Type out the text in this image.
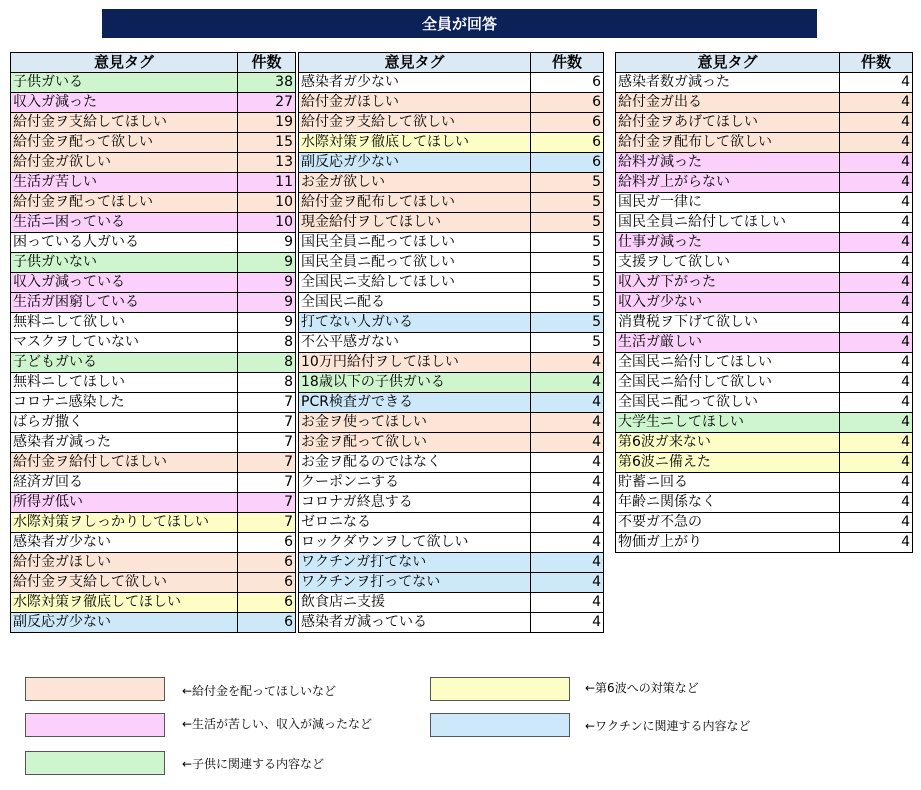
全員が回答
意見タグ	件数
子供ガいる	38
収入ガ減った	27
給付金ヲ支給してほしい	19
給付金ヲ配って欲しい	15
給付金ガ欲しい	13
生活ガ苦しい	11
給付金ヲ配ってほしい	10
生活ニ困っている	10
困っている人ガいる	9
子供ガいない	9
収入ガ減っている	9
生活ガ困窮している	9
無料ニして欲しい	9
マスクヲしていない	8
子どもガいる	8
無料ニしてほしい	8
コロナニ感染した	7
ばらガ撒く	7
感染者ガ減った	7
給付金ヲ給付してほしい	7
経済ガ回る	7
所得ガ低い	7
水際対策ヲしっかりしてほしい	7
感染者ガ少ない	6
給付金ガほしい	6
給付金ヲ支給して欲しい	6
水際対策ヲ徹底してほしい	6
副反応ガ少ない	6
意見タグ	件数
感染者ガ少ない	6
給付金ガほしい	6
給付金ヲ支給して欲しい	6
水際対策ヲ徹底してほしい	6
副反応ガ少ない	6
お金ガ欲しい	5
給付金ヲ配布してほしい	5
現金給付ヲしてほしい	5
国民全員ニ配ってほしい	5
国民全員ニ配って欲しい	5
全国民ニ支給してほしい	5
全国民ニ配る	5
打てない人ガいる	5
不公平感ガない	5
10万円給付ヲしてほしい	4
18歳以下の子供ガいる	4
PCR検査ガできる	4
お金ヲ使ってほしい	4
お金ヲ配って欲しい	4
お金ヲ配るのではなく	4
クーポンニする	4
コロナガ終息する	4
ゼロニなる	4
ロックダウンヲして欲しい	4
ワクチンガ打てない	4
ワクチンヲ打ってない	4
飲食店ニ支援	4
感染者ガ減っている	4
意見タグ	件数
感染者数ガ減った	4
給付金ガ出る	4
給付金ヲあげてほしい	4
給付金ヲ配布して欲しい	4
給料ガ減った	4
給料ガ上がらない	4
国民ガ一律に	4
国民全員ニ給付してほしい	4
仕事ガ減った	4
支援ヲして欲しい	4
収入ガ下がった	4
収入ガ少ない	4
消費税ヲ下げて欲しい	4
生活ガ厳しい	4
全国民ニ給付してほしい	4
全国民ニ給付して欲しい	4
全国民ニ配って欲しい	4
大学生ニしてほしい	4
第6波ガ来ない	4
第6波ニ備えた	4
貯蓄ニ回る	4
年齢ニ関係なく	4
不要ガ不急の	4
物価ガ上がり	4
←給付金を配ってほしいなど	←第6波への対策など
←生活が苦しい、収入が減ったなど	←ワクチンに関連する内容など
←子供に関連する内容など
